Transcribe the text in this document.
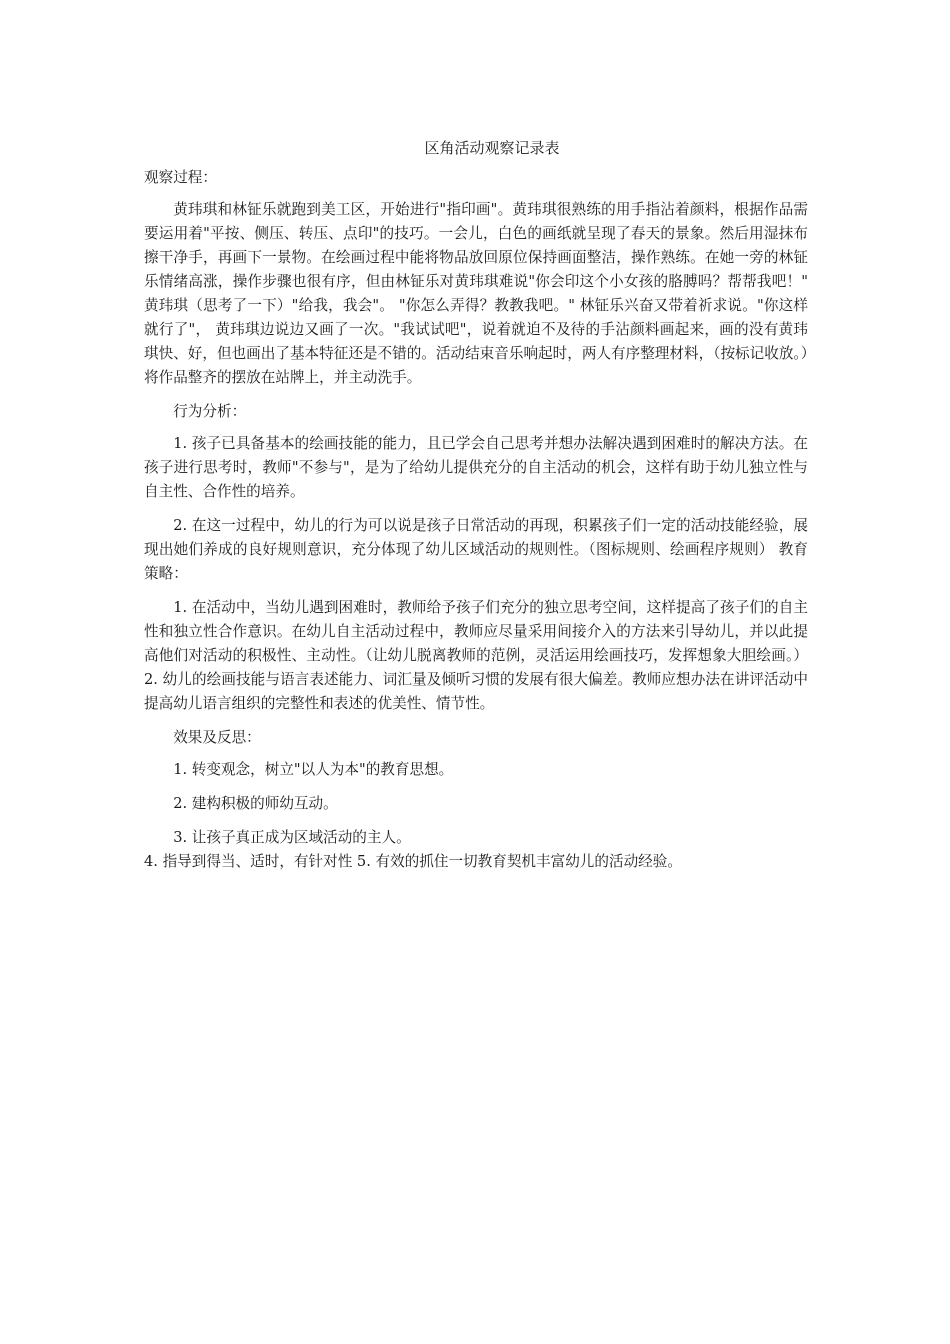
区角活动观察记录表
观察过程：
黄玮琪和林钲乐就跑到美工区，开始进行"指印画"。黄玮琪很熟练的用手指沾着颜料，根据作品需要运用着"平按、侧压、转压、点印"的技巧。一会儿，白色的画纸就呈现了春天的景象。然后用湿抹布擦干净手，再画下一景物。在绘画过程中能将物品放回原位保持画面整洁，操作熟练。在她一旁的林钲乐情绪高涨，操作步骤也很有序，但由林钲乐对黄玮琪难说"你会印这个小女孩的胳膊吗？帮帮我吧！" 黄玮琪（思考了一下）"给我，我会"。 "你怎么弄得？教教我吧。" 林钲乐兴奋又带着祈求说。"你这样就行了"， 黄玮琪边说边又画了一次。"我试试吧"，说着就迫不及待的手沾颜料画起来，画的没有黄玮琪快、好，但也画出了基本特征还是不错的。活动结束音乐响起时，两人有序整理材料，（按标记收放。）将作品整齐的摆放在站牌上，并主动洗手。
行为分析：
1. 孩子已具备基本的绘画技能的能力，且已学会自己思考并想办法解决遇到困难时的解决方法。在孩子进行思考时，教师"不参与"，是为了给幼儿提供充分的自主活动的机会，这样有助于幼儿独立性与自主性、合作性的培养。
2. 在这一过程中，幼儿的行为可以说是孩子日常活动的再现，积累孩子们一定的活动技能经验，展现出她们养成的良好规则意识，充分体现了幼儿区域活动的规则性。（图标规则、绘画程序规则） 教育策略：
1. 在活动中，当幼儿遇到困难时，教师给予孩子们充分的独立思考空间，这样提高了孩子们的自主性和独立性合作意识。在幼儿自主活动过程中，教师应尽量采用间接介入的方法来引导幼儿，并以此提高他们对活动的积极性、主动性。（让幼儿脱离教师的范例，灵活运用绘画技巧，发挥想象大胆绘画。）2. 幼儿的绘画技能与语言表述能力、词汇量及倾听习惯的发展有很大偏差。教师应想办法在讲评活动中提高幼儿语言组织的完整性和表述的优美性、情节性。
效果及反思：
1. 转变观念，树立"以人为本"的教育思想。
2. 建构积极的师幼互动。
3. 让孩子真正成为区域活动的主人。
4. 指导到得当、适时，有针对性 5. 有效的抓住一切教育契机丰富幼儿的活动经验。
